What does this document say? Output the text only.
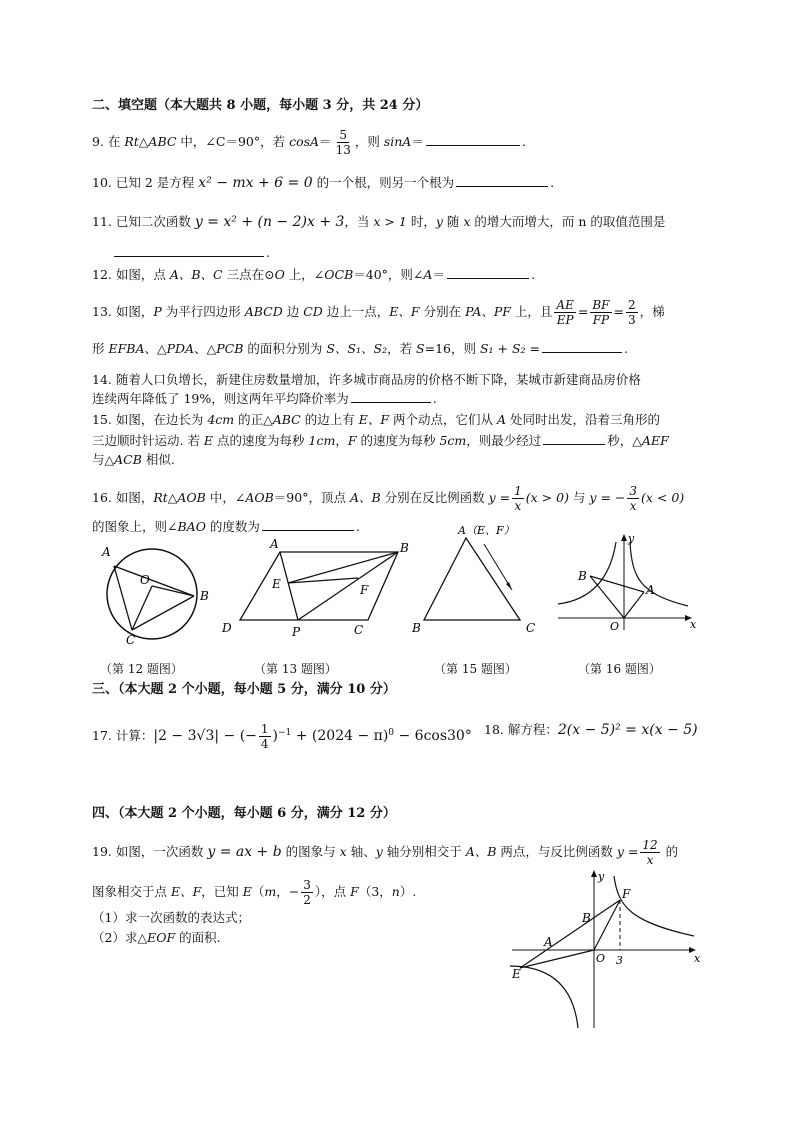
二、填空题（本大题共 8 小题，每小题 3 分，共 24 分）
9. 在 Rt△ABC 中，∠C＝90°，若 $\cos A= \frac{5}{13}$ ，则 sinA＝	.
10. 已知 2 是方程 x² − mx + 6 = 0 的一个根，则另一个根为	.
11. 已知二次函数 y = x² + (n − 2)x + 3，当 x > 1 时，y 随 x 的增大而增大，而 n 的取值范围是
.
12. 如图，点 A、B、C 三点在⊙O 上，∠OCB＝40°，则∠A＝	.
13. 如图，P 为平行四边形 ABCD 边 CD 边上一点，E、F 分别在 PA、PF 上，且 $\frac{AE}{EP} = \frac{BF}{FP} = \frac{2}{3}$ ，梯
形 EFBA、△PDA、△PCB 的面积分别为 S、S₁、S₂，若 S=16，则 S₁ + S₂ =	.
14. 随着人口负增长，新建住房数量增加，许多城市商品房的价格不断下降，某城市新建商品房价格
连续两年降低了 19%，则这两年平均降价率为	.
15. 如图，在边长为 4cm 的正△ABC 的边上有 E、F 两个动点，它们从 A 处同时出发，沿着三角形的
三边顺时针运动. 若 E 点的速度为每秒 1cm，F 的速度为每秒 5cm，则最少经过	秒，△AEF
与△ACB 相似.
16. 如图，Rt△AOB 中，∠AOB＝90°，顶点 A、B 分别在反比例函数 $y = \frac{1}{x} (x > 0)$ 与 y = − $\frac{3}{x} (x < 0)$
的图象上，则∠BAO 的度数为	.
A
O
B
C
（第 12 题图）
A	B
E	F
D	P	C
（第 13 题图）
A（E、F）
B	C
（第 15 题图）
y
B
A
O	x
（第 16 题图）
三、（本大题 2 个小题，每小题 5 分，满分 10 分）
17. 计算：|2 − 3√3| − (− $\frac{1}{4} )^{-1} + (2024 - \pi)^0 - 6\cos 30^\circ$ 18. 解方程：2(x − 5)² = x(x − 5)
四、（本大题 2 个小题，每小题 6 分，满分 12 分）
19. 如图，一次函数 y = ax + b 的图象与 x 轴、y 轴分别相交于 A、B 两点，与反比例函数 $y = \frac{12}{x}$ 的
图象相交于点 E、F，已知 E（m，− $\frac{3}{2}$ ），点 F（3，n）.
（1）求一次函数的表达式；
（2）求△EOF 的面积.
y
F
B
A
O 3	x
E
